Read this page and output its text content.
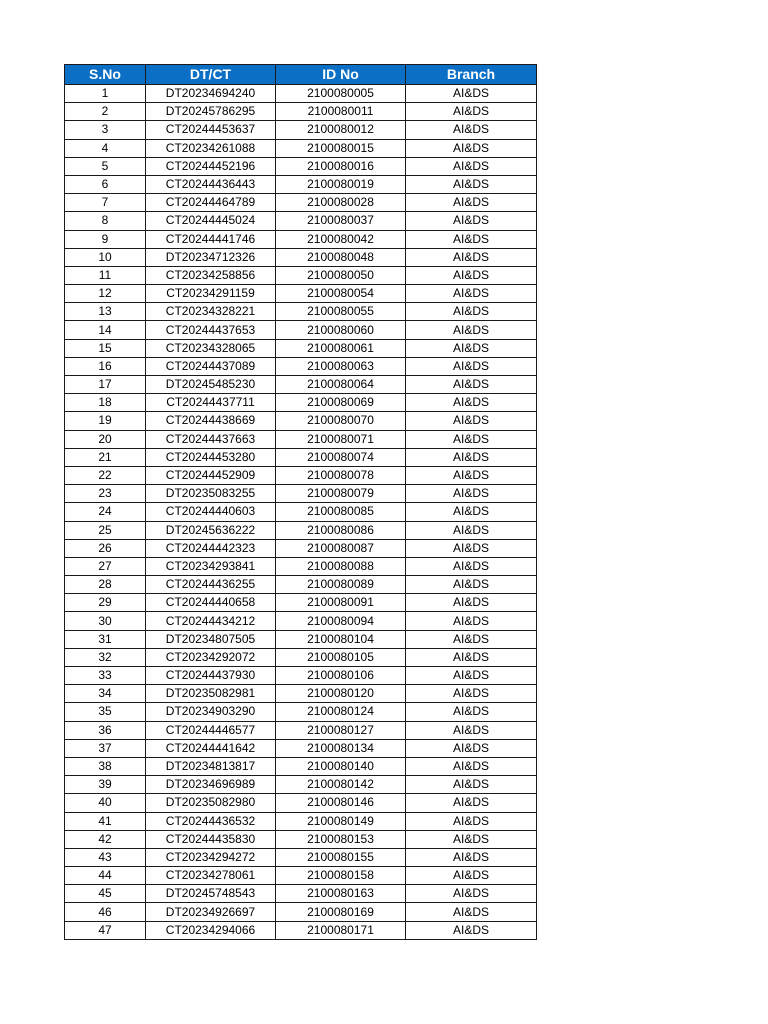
S.No	DT/CT	ID No	Branch
1	DT20234694240	2100080005	AI&DS
2	DT20245786295	2100080011	AI&DS
3	CT20244453637	2100080012	AI&DS
4	CT20234261088	2100080015	AI&DS
5	CT20244452196	2100080016	AI&DS
6	CT20244436443	2100080019	AI&DS
7	CT20244464789	2100080028	AI&DS
8	CT20244445024	2100080037	AI&DS
9	CT20244441746	2100080042	AI&DS
10	DT20234712326	2100080048	AI&DS
11	CT20234258856	2100080050	AI&DS
12	CT20234291159	2100080054	AI&DS
13	CT20234328221	2100080055	AI&DS
14	CT20244437653	2100080060	AI&DS
15	CT20234328065	2100080061	AI&DS
16	CT20244437089	2100080063	AI&DS
17	DT20245485230	2100080064	AI&DS
18	CT20244437711	2100080069	AI&DS
19	CT20244438669	2100080070	AI&DS
20	CT20244437663	2100080071	AI&DS
21	CT20244453280	2100080074	AI&DS
22	CT20244452909	2100080078	AI&DS
23	DT20235083255	2100080079	AI&DS
24	CT20244440603	2100080085	AI&DS
25	DT20245636222	2100080086	AI&DS
26	CT20244442323	2100080087	AI&DS
27	CT20234293841	2100080088	AI&DS
28	CT20244436255	2100080089	AI&DS
29	CT20244440658	2100080091	AI&DS
30	CT20244434212	2100080094	AI&DS
31	DT20234807505	2100080104	AI&DS
32	CT20234292072	2100080105	AI&DS
33	CT20244437930	2100080106	AI&DS
34	DT20235082981	2100080120	AI&DS
35	DT20234903290	2100080124	AI&DS
36	CT20244446577	2100080127	AI&DS
37	CT20244441642	2100080134	AI&DS
38	DT20234813817	2100080140	AI&DS
39	DT20234696989	2100080142	AI&DS
40	DT20235082980	2100080146	AI&DS
41	CT20244436532	2100080149	AI&DS
42	CT20244435830	2100080153	AI&DS
43	CT20234294272	2100080155	AI&DS
44	CT20234278061	2100080158	AI&DS
45	DT20245748543	2100080163	AI&DS
46	DT20234926697	2100080169	AI&DS
47	CT20234294066	2100080171	AI&DS
